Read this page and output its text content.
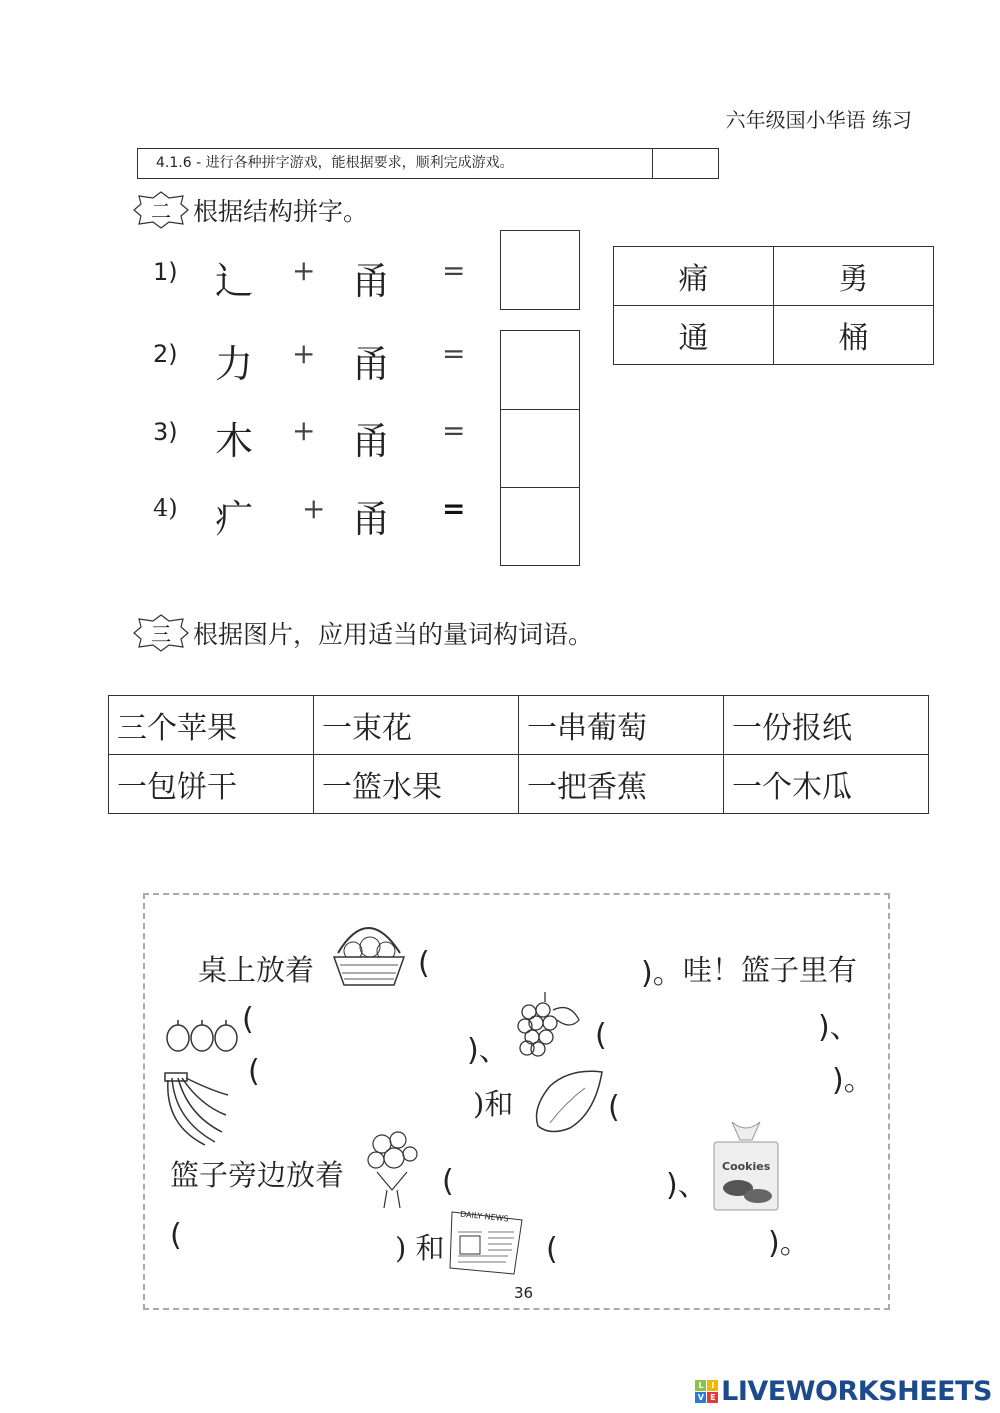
六年级国小华语 练习
4.1.6 - 进行各种拼字游戏，能根据要求，顺利完成游戏。
二 根据结构拼字。
1) 辶 + 甬 =
2) 力 + 甬 =
3) 木 + 甬 =
4) 疒 + 甬 =
痛	勇
通	桶
三 根据图片，应用适当的量词构词语。
三个苹果	一束花	一串葡萄	一份报纸
一包饼干	一篮水果	一把香蕉	一个木瓜
桌上放着	(	)。 哇！篮子里有
(
)、	(	)、
(
)和	(
)。
篮子旁边放着	(	)、
Cookies
(	) 和
DAILY NEWS
(	)。
36
L	I
V E LIVEWORKSHEETS
